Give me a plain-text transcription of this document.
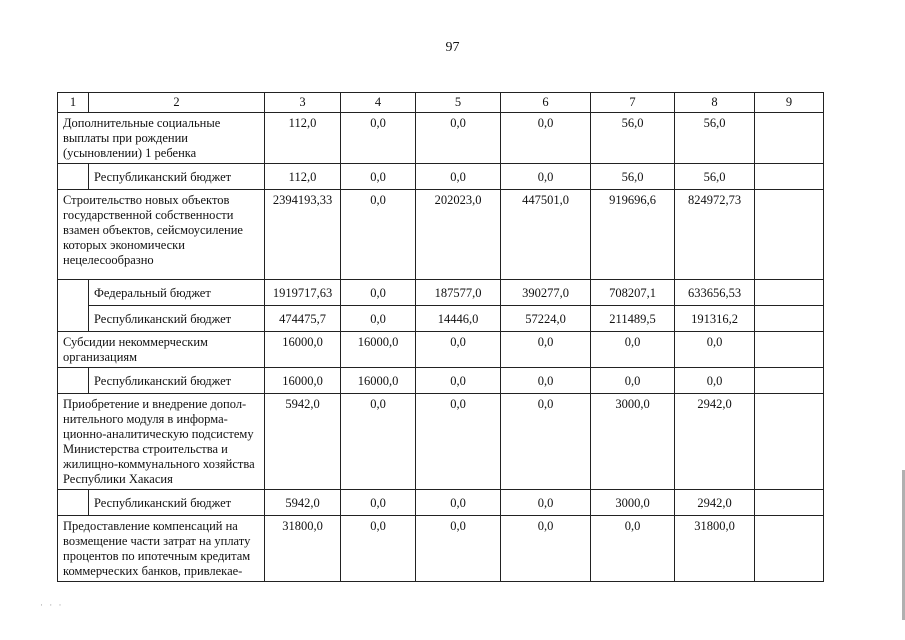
97
1	2	3	4	5	6	7	8	9
Дополнительные социальные выплаты при рождении (усыновлении) 1 ребенка		112,0	0,0	0,0	0,0	56,0	56,0	
	Республиканский бюджет	112,0	0,0	0,0	0,0	56,0	56,0	
Строительство новых объектов государственной собственности взамен объектов, сейсмоусиление которых экономически нецелесообразно		2394193,33	0,0	202023,0	447501,0	919696,6	824972,73	
	Федеральный бюджет	1919717,63	0,0	187577,0	390277,0	708207,1	633656,53	
	Республиканский бюджет	474475,7	0,0	14446,0	57224,0	211489,5	191316,2	
Субсидии некоммерческим организациям		16000,0	16000,0	0,0	0,0	0,0	0,0	
	Республиканский бюджет	16000,0	16000,0	0,0	0,0	0,0	0,0	
Приобретение и внедрение допол-нительного модуля в информа-ционно-аналитическую подсистему Министерства строительства и жилищно-коммунального хозяйства Республики Хакасия		5942,0	0,0	0,0	0,0	3000,0	2942,0	
	Республиканский бюджет	5942,0	0,0	0,0	0,0	3000,0	2942,0	
Предоставление компенсаций на возмещение части затрат на уплату процентов по ипотечным кредитам коммерческих банков, привлекае-		31800,0	0,0	0,0	0,0	0,0	31800,0	
· · ·
